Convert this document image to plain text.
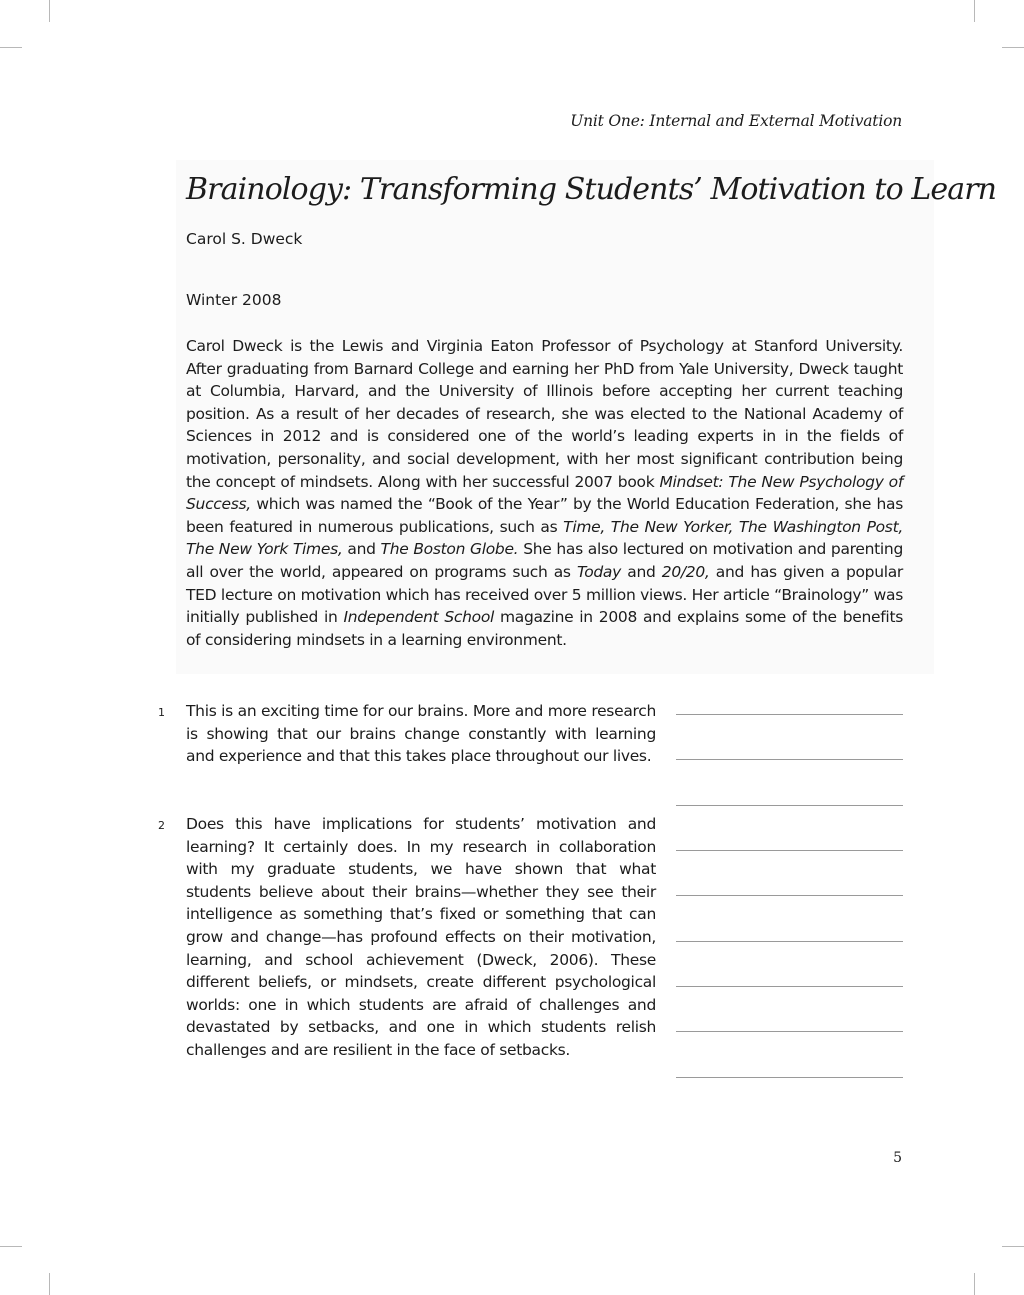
Unit One: Internal and External Motivation
Brainology: Transforming Students’ Motivation to Learn
Carol S. Dweck
Winter 2008

Carol Dweck is the Lewis and Virginia Eaton Professor of Psychology at Stanford University. After graduating from Barnard College and earning her PhD from Yale University, Dweck taught at Columbia, Harvard, and the University of Illinois before accepting her current teaching position. As a result of her decades of research, she was elected to the National Academy of Sciences in 2012 and is considered one of the world’s leading experts in in the fields of motivation, personality, and social development, with her most significant contribution being the concept of mindsets. Along with her successful 2007 book Mindset: The New Psychology of Success, which was named the “Book of the Year” by the World Education Federation, she has been featured in numerous publications, such as Time, The New Yorker, The Washington Post, The New York Times, and The Boston Globe. She has also lectured on motivation and parenting all over the world, appeared on programs such as Today and 20/20, and has given a popular TED lecture on motivation which has received over 5 million views. Her article “Brainology” was initially published in Independent School magazine in 2008 and explains some of the benefits of considering mindsets in a learning environment.

1 This is an exciting time for our brains. More and more research is showing that our brains change constantly with learning and experience and that this takes place throughout our lives.

2 Does this have implications for students’ motivation and learning? It certainly does. In my research in collaboration with my graduate students, we have shown that what students believe about their brains—whether they see their intelligence as something that’s fixed or something that can grow and change—has profound effects on their motivation, learning, and school achievement (Dweck, 2006). These different beliefs, or mindsets, create different psychological worlds: one in which students are afraid of challenges and devastated by setbacks, and one in which students relish challenges and are resilient in the face of setbacks.

5
